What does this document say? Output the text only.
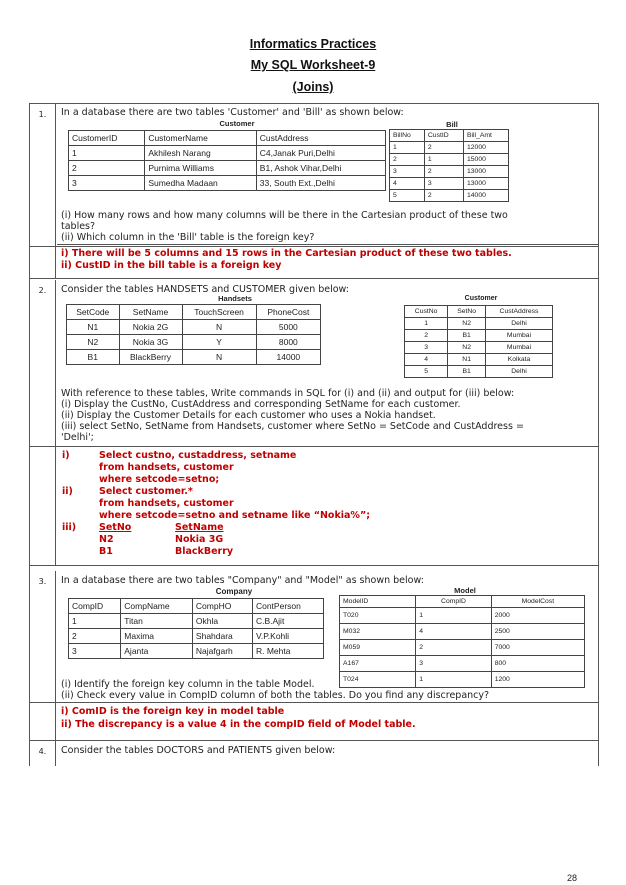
Informatics Practices
My SQL Worksheet-9
(Joins)
1.	In a database there are two tables 'Customer' and 'Bill' as shown below:
Customer
CustomerID	CustomerName	CustAddress
1	Akhilesh Narang	C4,Janak Puri,Delhi
2	Purnima Williams	B1, Ashok Vihar,Delhi
3	Sumedha Madaan	33, South Ext.,Delhi
Bill
BillNo	CustID	Bill_Amt
1	2	12000
2	1	15000
3	2	13000
4	3	13000
5	2	14000
(i) How many rows and how many columns will be there in the Cartesian product of these two
tables?
(ii) Which column in the 'Bill' table is the foreign key?
i) There will be 5 columns and 15 rows in the Cartesian product of these two tables.
ii) CustID in the bill table is a foreign key
2.	Consider the tables HANDSETS and CUSTOMER given below:
Handsets
SetCode	SetName	TouchScreen	PhoneCost
N1	Nokia 2G	N	5000
N2	Nokia 3G	Y	8000
B1	BlackBerry	N	14000
Customer
CustNo	SetNo	CustAddress
1	N2	Delhi
2	B1	Mumbai
3	N2	Mumbai
4	N1	Kolkata
5	B1	Delhi
With reference to these tables, Write commands in SQL for (i) and (ii) and output for (iii) below:
(i) Display the CustNo, CustAddress and corresponding SetName for each customer.
(ii) Display the Customer Details for each customer who uses a Nokia handset.
(iii) select SetNo, SetName from Handsets, customer where SetNo = SetCode and CustAddress =
'Delhi';
i)	Select custno, custaddress, setname
from handsets, customer
where setcode=setno;
ii)	Select customer.*
from handsets, customer
where setcode=setno and setname like “Nokia%”;
iii) SetNo	SetName
N2	Nokia 3G
B1	BlackBerry
3.	In a database there are two tables "Company" and "Model" as shown below:
Company
CompID	CompName	CompHO	ContPerson
1	Titan	Okhla	C.B.Ajit
2	Maxima	Shahdara	V.P.Kohli
3	Ajanta	Najafgarh	R. Mehta
Model
ModelID	CompID	ModelCost
T020	1	2000
M032	4	2500
M059	2	7000
A167	3	800
T024	1	1200
(i) Identify the foreign key column in the table Model.
(ii) Check every value in CompID column of both the tables. Do you find any discrepancy?
i) ComID is the foreign key in model table
ii) The discrepancy is a value 4 in the compID field of Model table.
4.	Consider the tables DOCTORS and PATIENTS given below:
28
